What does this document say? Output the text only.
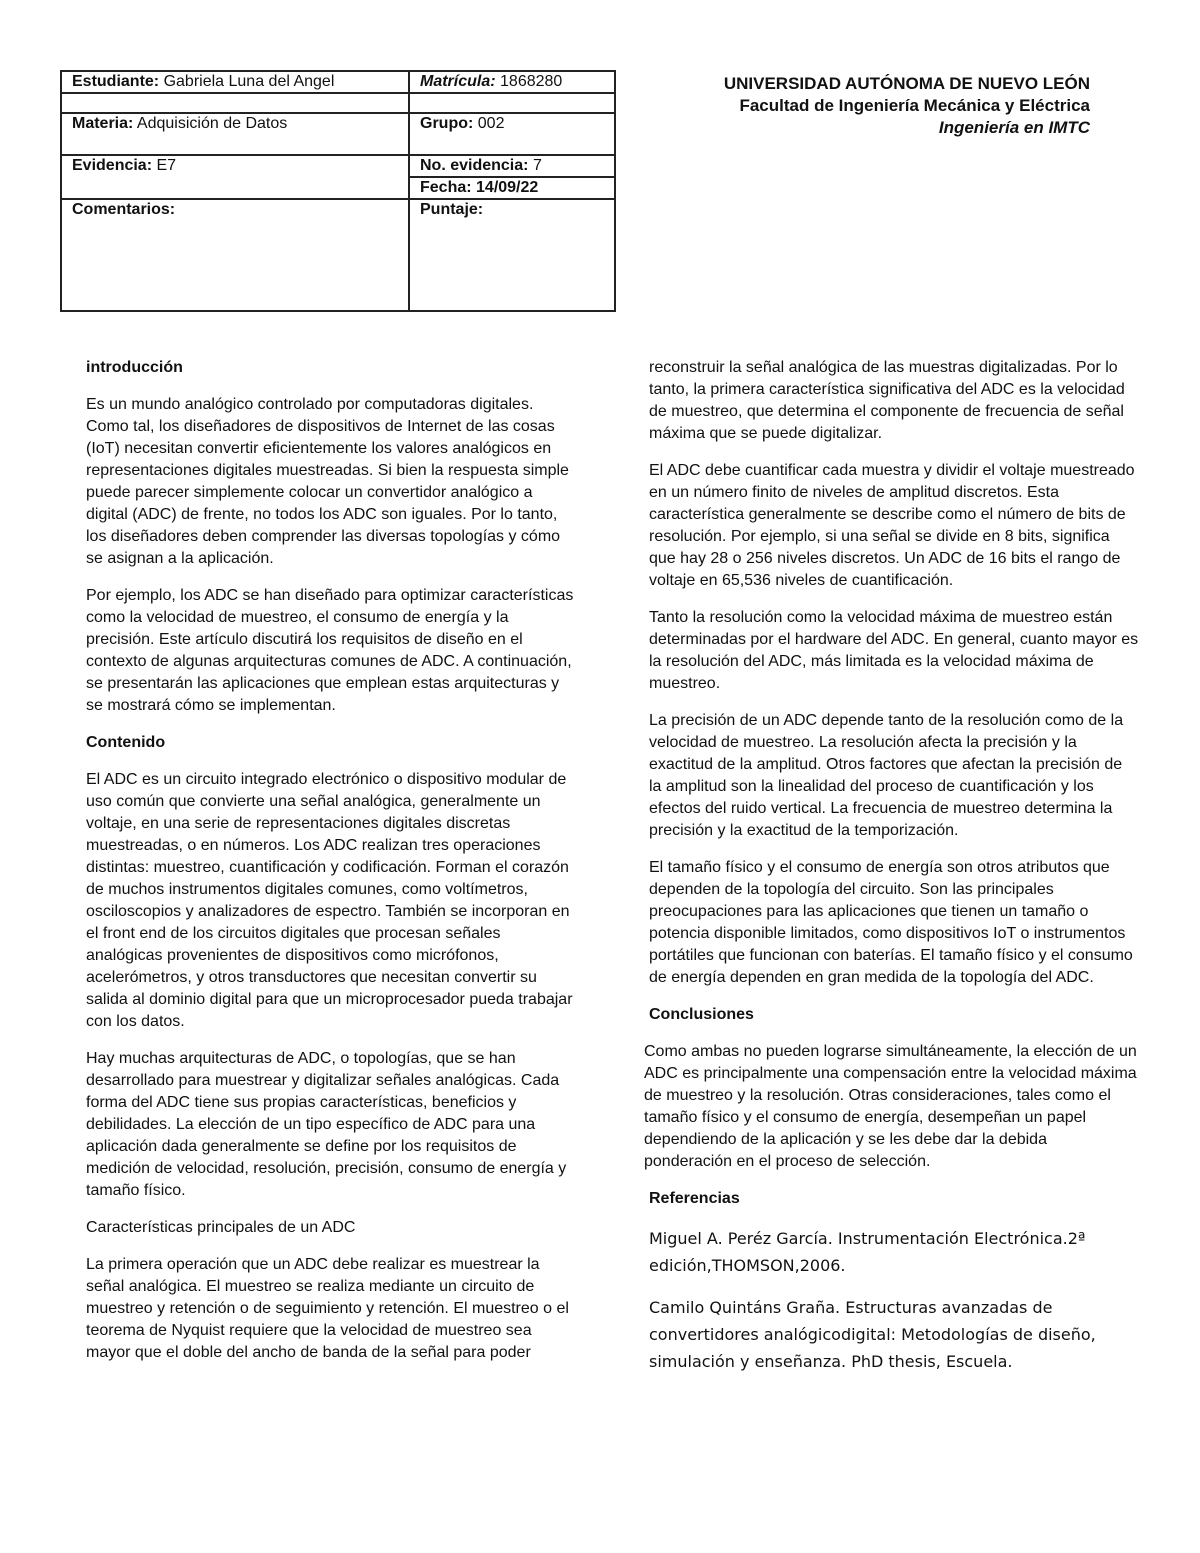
Estudiante: Gabriela Luna del Angel	Matrícula: 1868280

Materia: Adquisición de Datos	Grupo: 002
Evidencia: E7	No. evidencia: 7
	Fecha: 14/09/22
Comentarios:	Puntaje:
UNIVERSIDAD AUTÓNOMA DE NUEVO LEÓN
Facultad de Ingeniería Mecánica y Eléctrica
Ingeniería en IMTC
introducción

Es un mundo analógico controlado por computadoras digitales. Como tal, los diseñadores de dispositivos de Internet de las cosas (IoT) necesitan convertir eficientemente los valores analógicos en representaciones digitales muestreadas. Si bien la respuesta simple puede parecer simplemente colocar un convertidor analógico a digital (ADC) de frente, no todos los ADC son iguales. Por lo tanto, los diseñadores deben comprender las diversas topologías y cómo se asignan a la aplicación.

Por ejemplo, los ADC se han diseñado para optimizar características como la velocidad de muestreo, el consumo de energía y la precisión. Este artículo discutirá los requisitos de diseño en el contexto de algunas arquitecturas comunes de ADC. A continuación, se presentarán las aplicaciones que emplean estas arquitecturas y se mostrará cómo se implementan.

Contenido

El ADC es un circuito integrado electrónico o dispositivo modular de uso común que convierte una señal analógica, generalmente un voltaje, en una serie de representaciones digitales discretas muestreadas, o en números. Los ADC realizan tres operaciones distintas: muestreo, cuantificación y codificación. Forman el corazón de muchos instrumentos digitales comunes, como voltímetros, osciloscopios y analizadores de espectro. También se incorporan en el front end de los circuitos digitales que procesan señales analógicas provenientes de dispositivos como micrófonos, acelerómetros, y otros transductores que necesitan convertir su salida al dominio digital para que un microprocesador pueda trabajar con los datos.

Hay muchas arquitecturas de ADC, o topologías, que se han desarrollado para muestrear y digitalizar señales analógicas. Cada forma del ADC tiene sus propias características, beneficios y debilidades. La elección de un tipo específico de ADC para una aplicación dada generalmente se define por los requisitos de medición de velocidad, resolución, precisión, consumo de energía y tamaño físico.

Características principales de un ADC

La primera operación que un ADC debe realizar es muestrear la señal analógica. El muestreo se realiza mediante un circuito de muestreo y retención o de seguimiento y retención. El muestreo o el teorema de Nyquist requiere que la velocidad de muestreo sea mayor que el doble del ancho de banda de la señal para poder

reconstruir la señal analógica de las muestras digitalizadas. Por lo tanto, la primera característica significativa del ADC es la velocidad de muestreo, que determina el componente de frecuencia de señal máxima que se puede digitalizar.

El ADC debe cuantificar cada muestra y dividir el voltaje muestreado en un número finito de niveles de amplitud discretos. Esta característica generalmente se describe como el número de bits de resolución. Por ejemplo, si una señal se divide en 8 bits, significa que hay 28 o 256 niveles discretos. Un ADC de 16 bits el rango de voltaje en 65,536 niveles de cuantificación.

Tanto la resolución como la velocidad máxima de muestreo están determinadas por el hardware del ADC. En general, cuanto mayor es la resolución del ADC, más limitada es la velocidad máxima de muestreo.

La precisión de un ADC depende tanto de la resolución como de la velocidad de muestreo. La resolución afecta la precisión y la exactitud de la amplitud. Otros factores que afectan la precisión de la amplitud son la linealidad del proceso de cuantificación y los efectos del ruido vertical. La frecuencia de muestreo determina la precisión y la exactitud de la temporización.

El tamaño físico y el consumo de energía son otros atributos que dependen de la topología del circuito. Son las principales preocupaciones para las aplicaciones que tienen un tamaño o potencia disponible limitados, como dispositivos IoT o instrumentos portátiles que funcionan con baterías. El tamaño físico y el consumo de energía dependen en gran medida de la topología del ADC.

Conclusiones

Como ambas no pueden lograrse simultáneamente, la elección de un ADC es principalmente una compensación entre la velocidad máxima de muestreo y la resolución. Otras consideraciones, tales como el tamaño físico y el consumo de energía, desempeñan un papel dependiendo de la aplicación y se les debe dar la debida ponderación en el proceso de selección.

Referencias

Miguel A. Peréz García. Instrumentación Electrónica.2ª edición,THOMSON,2006.

Camilo Quintáns Graña. Estructuras avanzadas de convertidores analógicodigital: Metodologías de diseño, simulación y enseñanza. PhD thesis, Escuela.
